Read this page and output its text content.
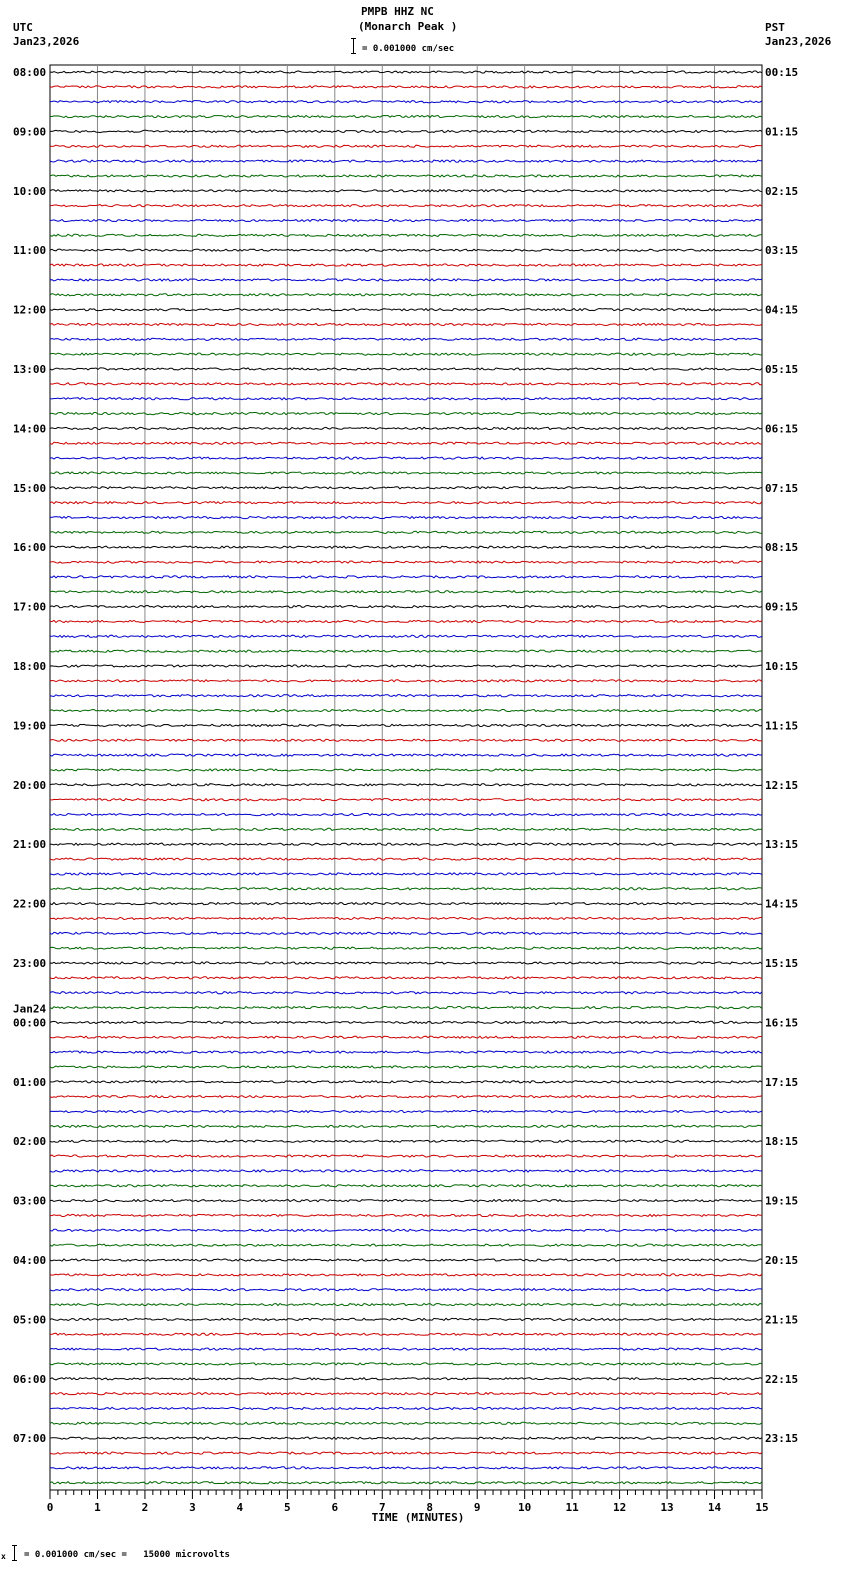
PMPB HHZ NC
(Monarch Peak )
= 0.001000 cm/sec
UTC
Jan23,2026
PST
Jan23,2026
08:00
09:00
10:00
11:00
12:00
13:00
14:00
15:00
16:00
17:00
18:00
19:00
20:00
21:00
22:00
23:00
00:00
01:00
02:00
03:00
04:00
05:00
06:00
07:00
Jan24
00:15
01:15
02:15
03:15
04:15
05:15
06:15
07:15
08:15
09:15
10:15
11:15
12:15
13:15
14:15
15:15
16:15
17:15
18:15
19:15
20:15
21:15
22:15
23:15
0	1	2	3	4	5	6	7	8	9	10	11	12	13	14	15
TIME (MINUTES)
x = 0.001000 cm/sec =   15000 microvolts
